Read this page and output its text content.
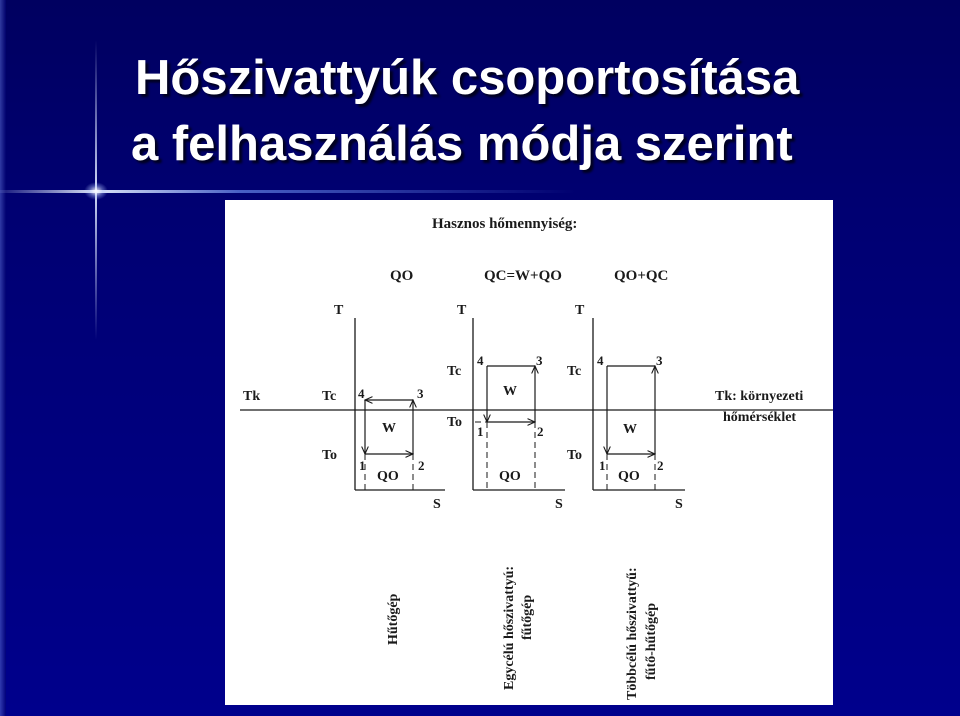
Hőszivattyúk csoportosítása
a felhasználás módja szerint
Hasznos hőmennyiség:
QO	QC=W+QO	QO+QC
Tk	Tk: környezeti
hőmérséklet
T
S
Tc
To
4	3
1	2
W
QO
Hűtőgép
T
S
Tc
To
4	3
1	2
W
QO
Egycélú hőszivattyú: fűtőgép
T
S
Tc
To
4	3
1	2
W
QO
Többcélú hőszivattyű: fűtő-hűtőgép
